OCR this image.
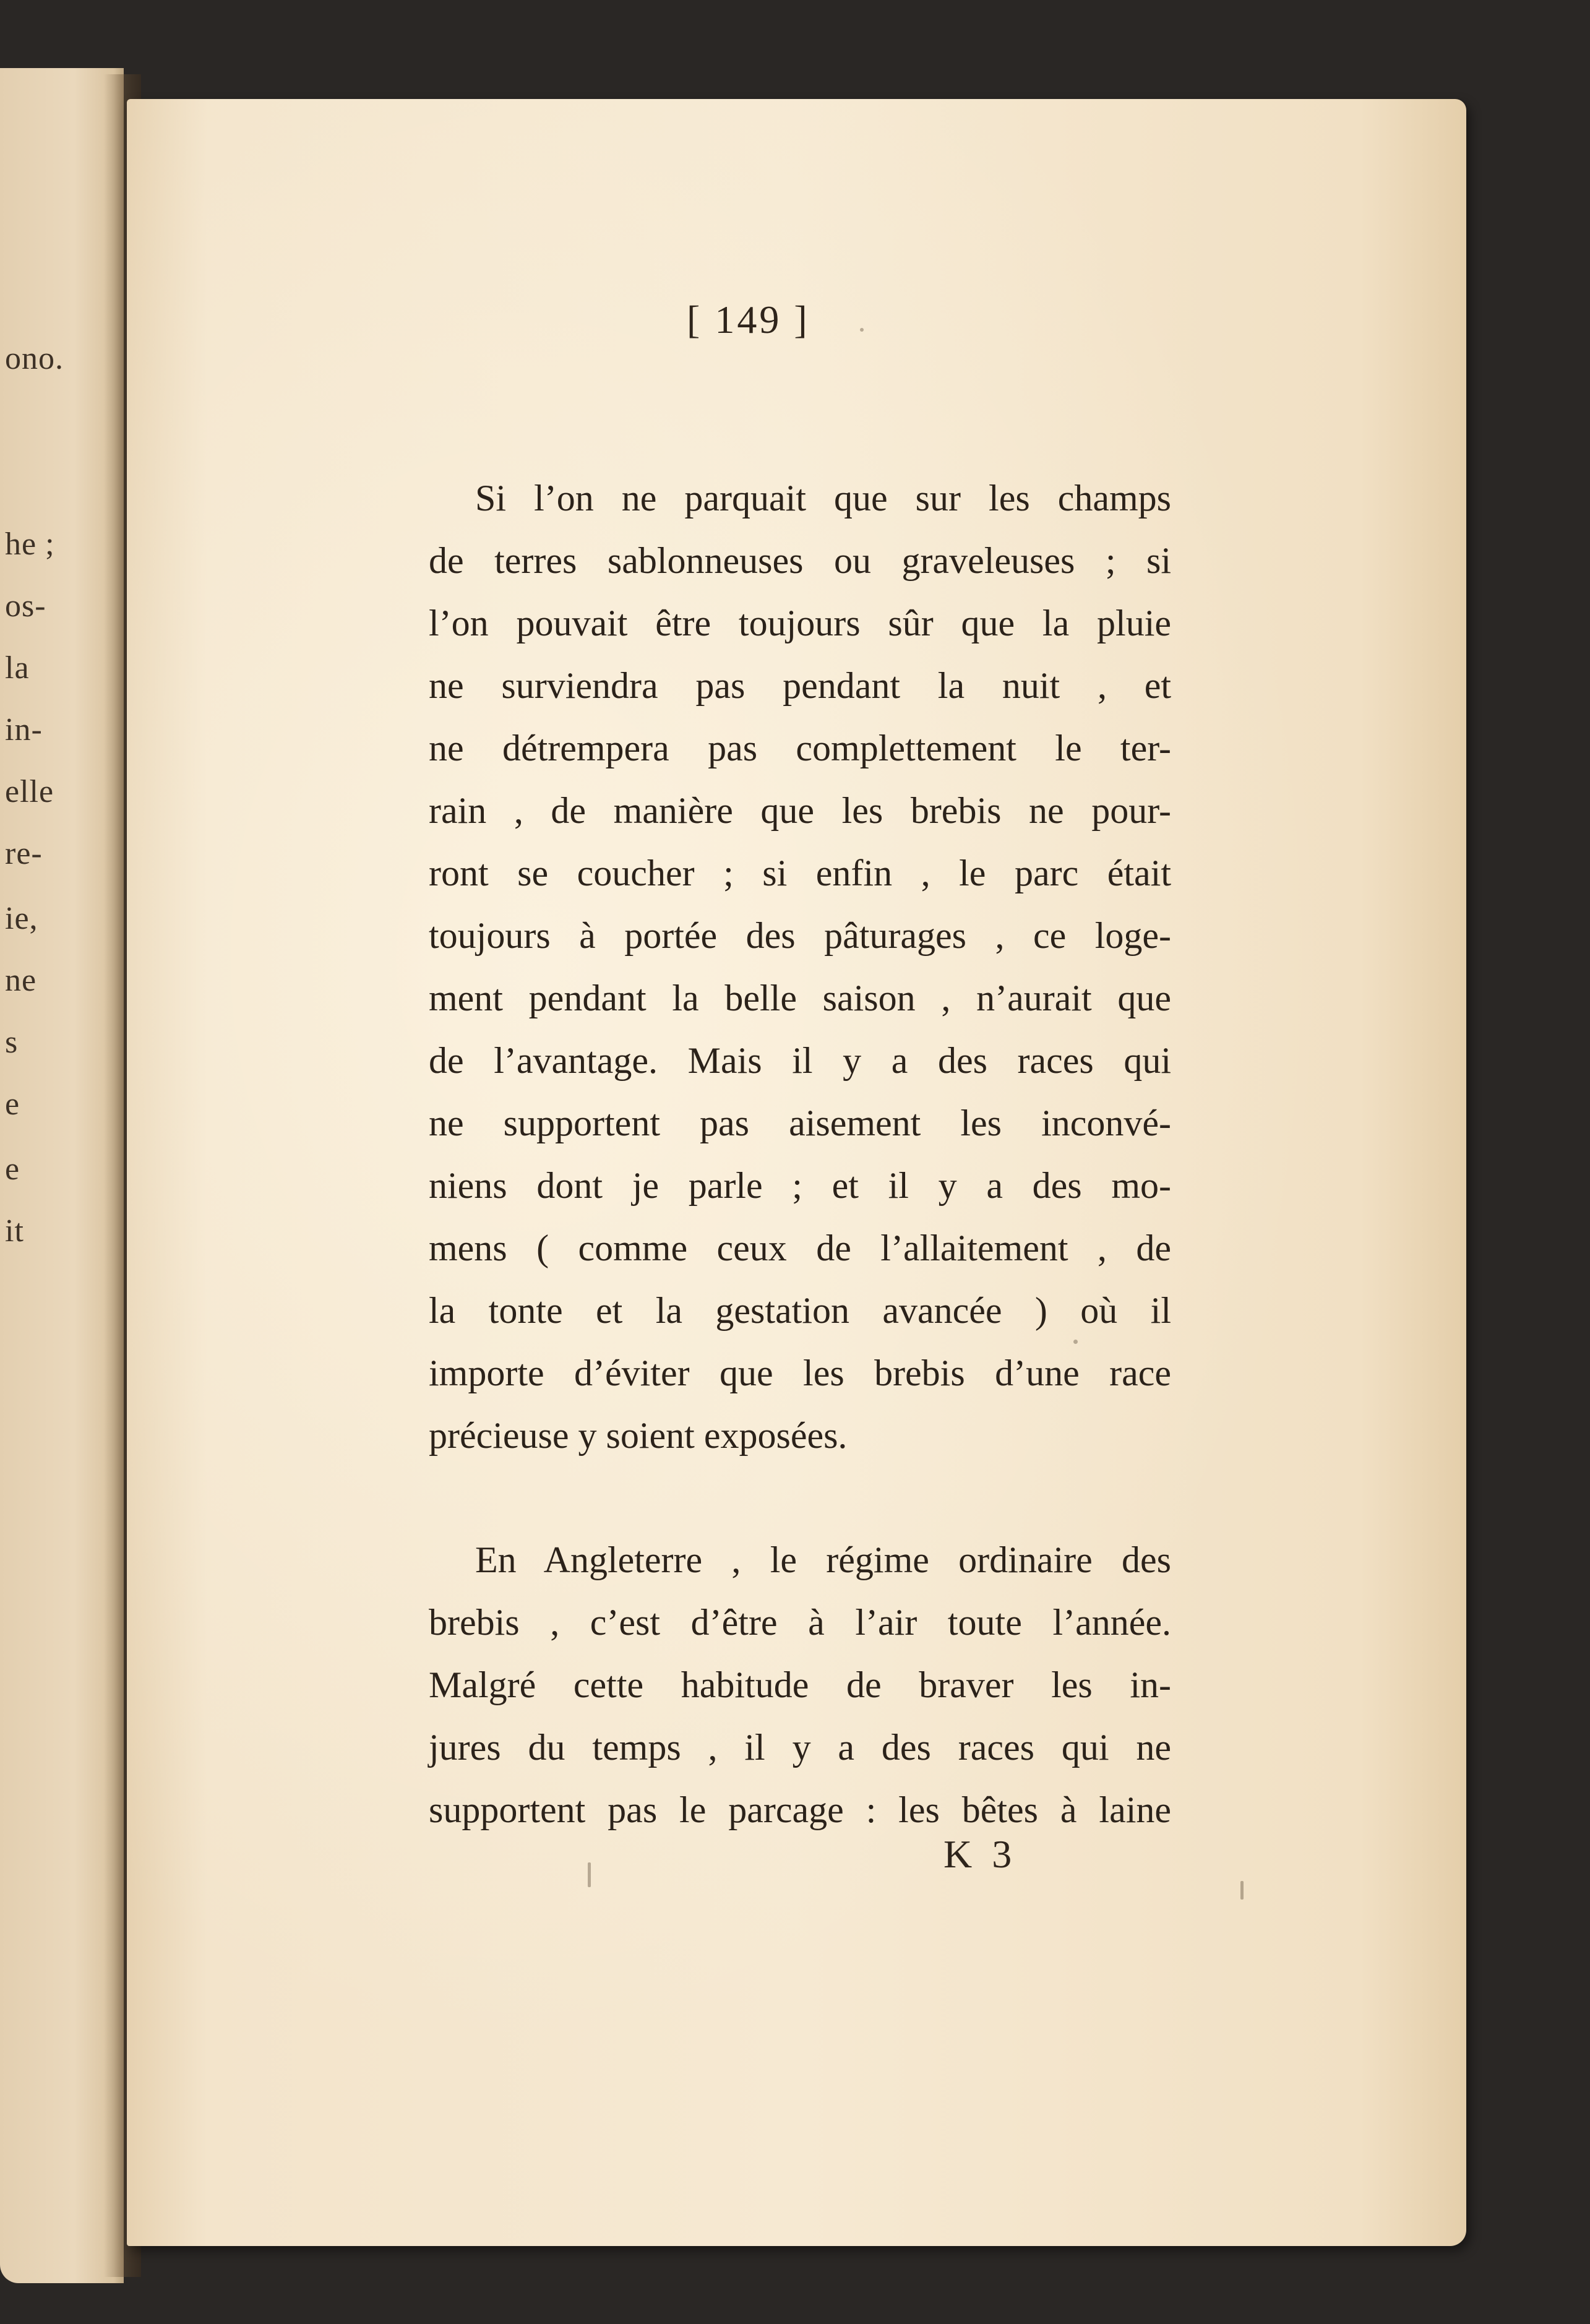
ono.
he ;
os-
la
in-
elle
re-
ie,
ne
s
e
e
it
[ 149 ]
Si l’on ne parquait que sur les champs
de terres sablonneuses ou graveleuses ; si
l’on pouvait être toujours sûr que la pluie
ne surviendra pas pendant la nuit , et
ne détrempera pas complettement le ter-
rain , de manière que les brebis ne pour-
ront se coucher ; si enfin , le parc était
toujours à portée des pâturages , ce loge-
ment pendant la belle saison , n’aurait que
de l’avantage. Mais il y a des races qui
ne supportent pas aisement les inconvé-
niens dont je parle ; et il y a des mo-
mens ( comme ceux de l’allaitement , de
la tonte et la gestation avancée ) où il
importe d’éviter que les brebis d’une race
précieuse y soient exposées.
En Angleterre , le régime ordinaire des
brebis , c’est d’être à l’air toute l’année.
Malgré cette habitude de braver les in-
jures du temps , il y a des races qui ne
supportent pas le parcage : les bêtes à laine
K 3
